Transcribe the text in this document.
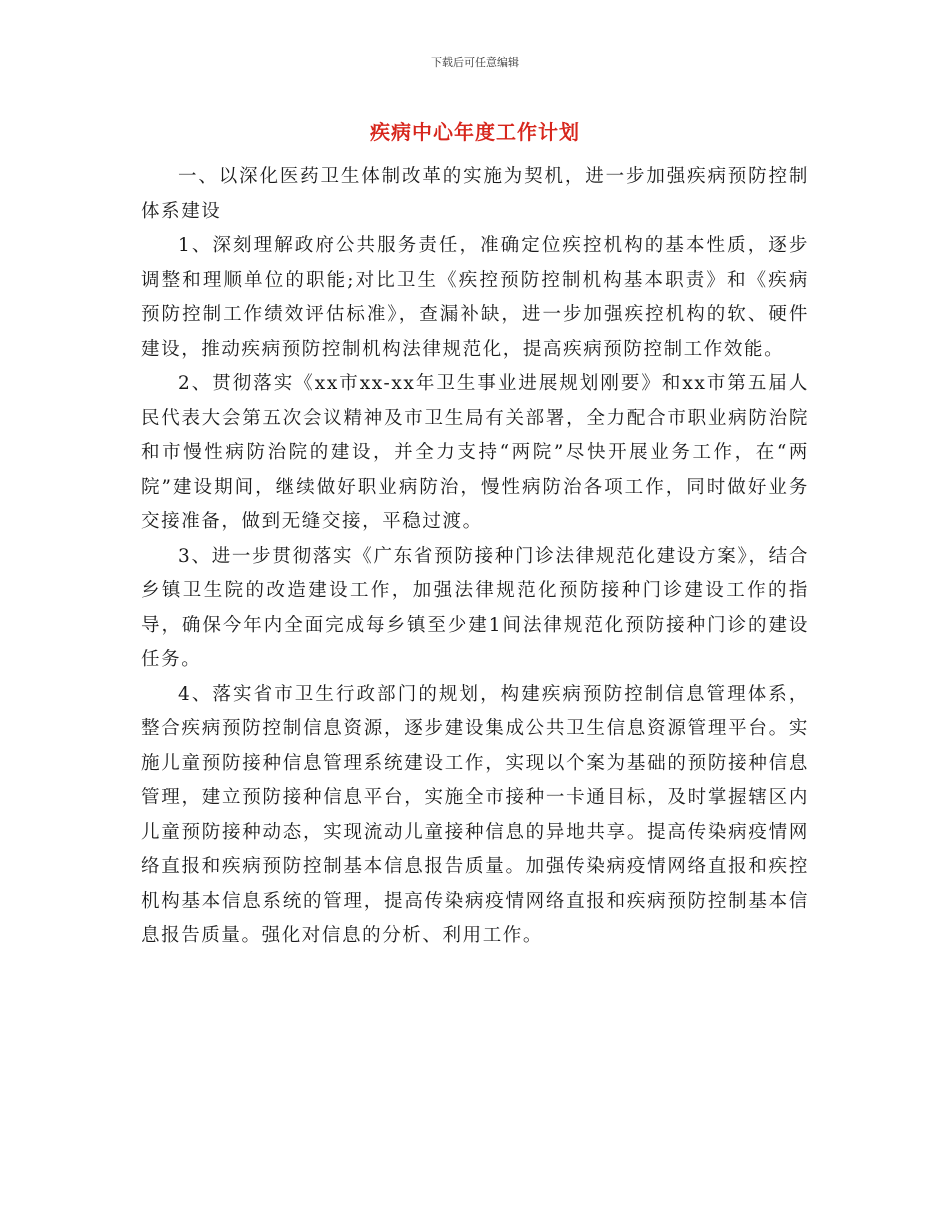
下载后可任意编辑
疾病中心年度工作计划

一、以深化医药卫生体制改革的实施为契机，进一步加强疾病预防控制体系建设

1、深刻理解政府公共服务责任，准确定位疾控机构的基本性质，逐步调整和理顺单位的职能;对比卫生《疾控预防控制机构基本职责》和《疾病预防控制工作绩效评估标准》，查漏补缺，进一步加强疾控机构的软、硬件建设，推动疾病预防控制机构法律规范化，提高疾病预防控制工作效能。

2、贯彻落实《xx市xx-xx年卫生事业进展规划刚要》和xx市第五届人民代表大会第五次会议精神及市卫生局有关部署，全力配合市职业病防治院和市慢性病防治院的建设，并全力支持“两院”尽快开展业务工作，在“两院”建设期间，继续做好职业病防治，慢性病防治各项工作，同时做好业务交接准备，做到无缝交接，平稳过渡。

3、进一步贯彻落实《广东省预防接种门诊法律规范化建设方案》，结合乡镇卫生院的改造建设工作，加强法律规范化预防接种门诊建设工作的指导，确保今年内全面完成每乡镇至少建1间法律规范化预防接种门诊的建设任务。

4、落实省市卫生行政部门的规划，构建疾病预防控制信息管理体系，整合疾病预防控制信息资源，逐步建设集成公共卫生信息资源管理平台。实施儿童预防接种信息管理系统建设工作，实现以个案为基础的预防接种信息管理，建立预防接种信息平台，实施全市接种一卡通目标，及时掌握辖区内儿童预防接种动态，实现流动儿童接种信息的异地共享。提高传染病疫情网络直报和疾病预防控制基本信息报告质量。加强传染病疫情网络直报和疾控机构基本信息系统的管理，提高传染病疫情网络直报和疾病预防控制基本信息报告质量。强化对信息的分析、利用工作。
